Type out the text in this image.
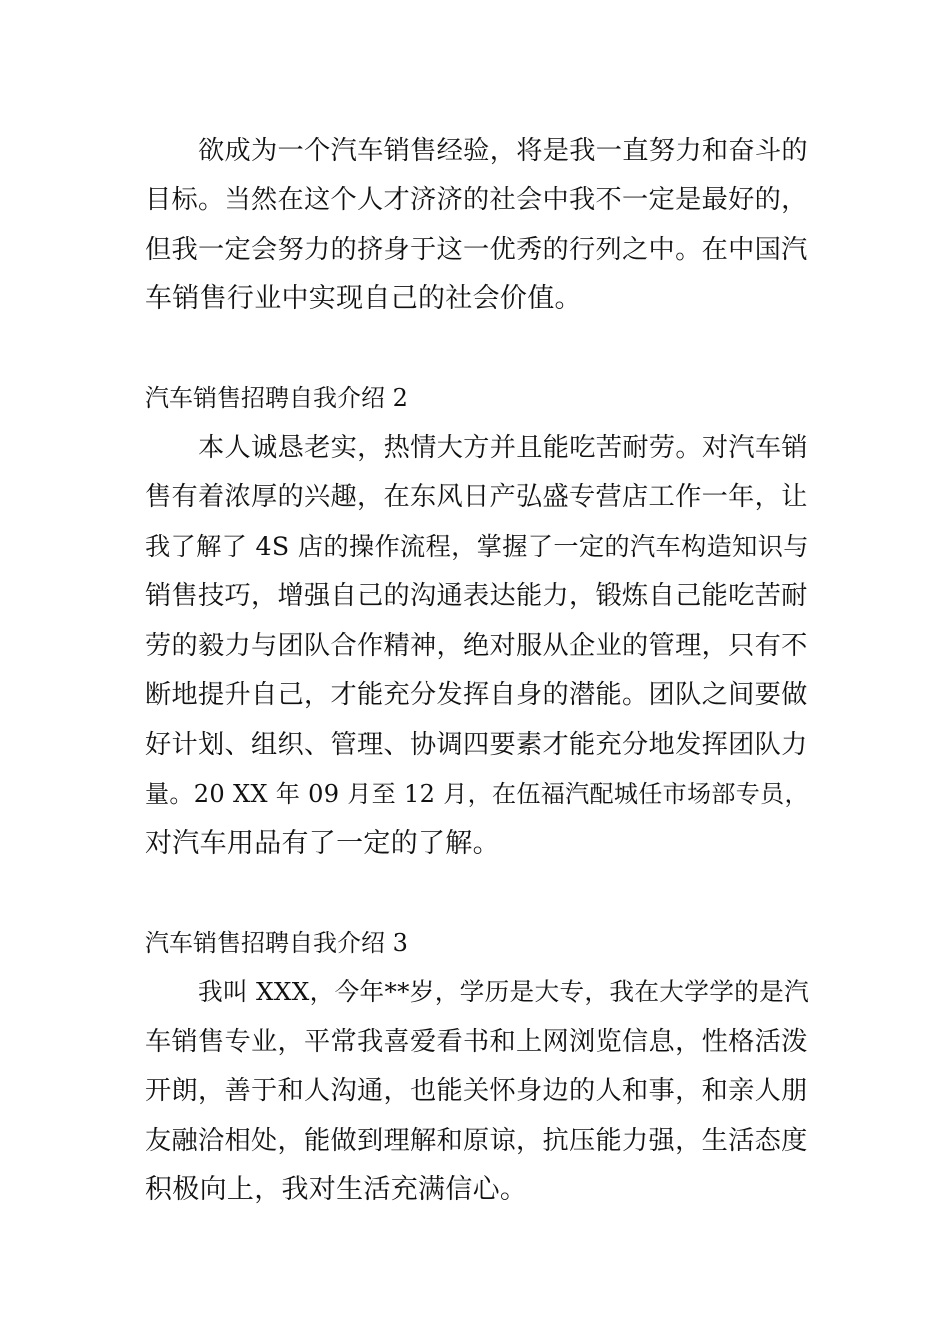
欲成为一个汽车销售经验，将是我一直努力和奋斗的
目标。当然在这个人才济济的社会中我不一定是最好的，
但我一定会努力的挤身于这一优秀的行列之中。在中国汽
车销售行业中实现自己的社会价值。
汽车销售招聘自我介绍 2
本人诚恳老实，热情大方并且能吃苦耐劳。对汽车销
售有着浓厚的兴趣，在东风日产弘盛专营店工作一年，让
我了解了 4S 店的操作流程，掌握了一定的汽车构造知识与
销售技巧，增强自己的沟通表达能力，锻炼自己能吃苦耐
劳的毅力与团队合作精神，绝对服从企业的管理，只有不
断地提升自己，才能充分发挥自身的潜能。团队之间要做
好计划、组织、管理、协调四要素才能充分地发挥团队力
量。20 XX 年 09 月至 12 月，在伍福汽配城任市场部专员，
对汽车用品有了一定的了解。
汽车销售招聘自我介绍 3
我叫 XXX，今年**岁，学历是大专，我在大学学的是汽
车销售专业，平常我喜爱看书和上网浏览信息，性格活泼
开朗，善于和人沟通，也能关怀身边的人和事，和亲人朋
友融洽相处，能做到理解和原谅，抗压能力强，生活态度
积极向上，我对生活充满信心。
